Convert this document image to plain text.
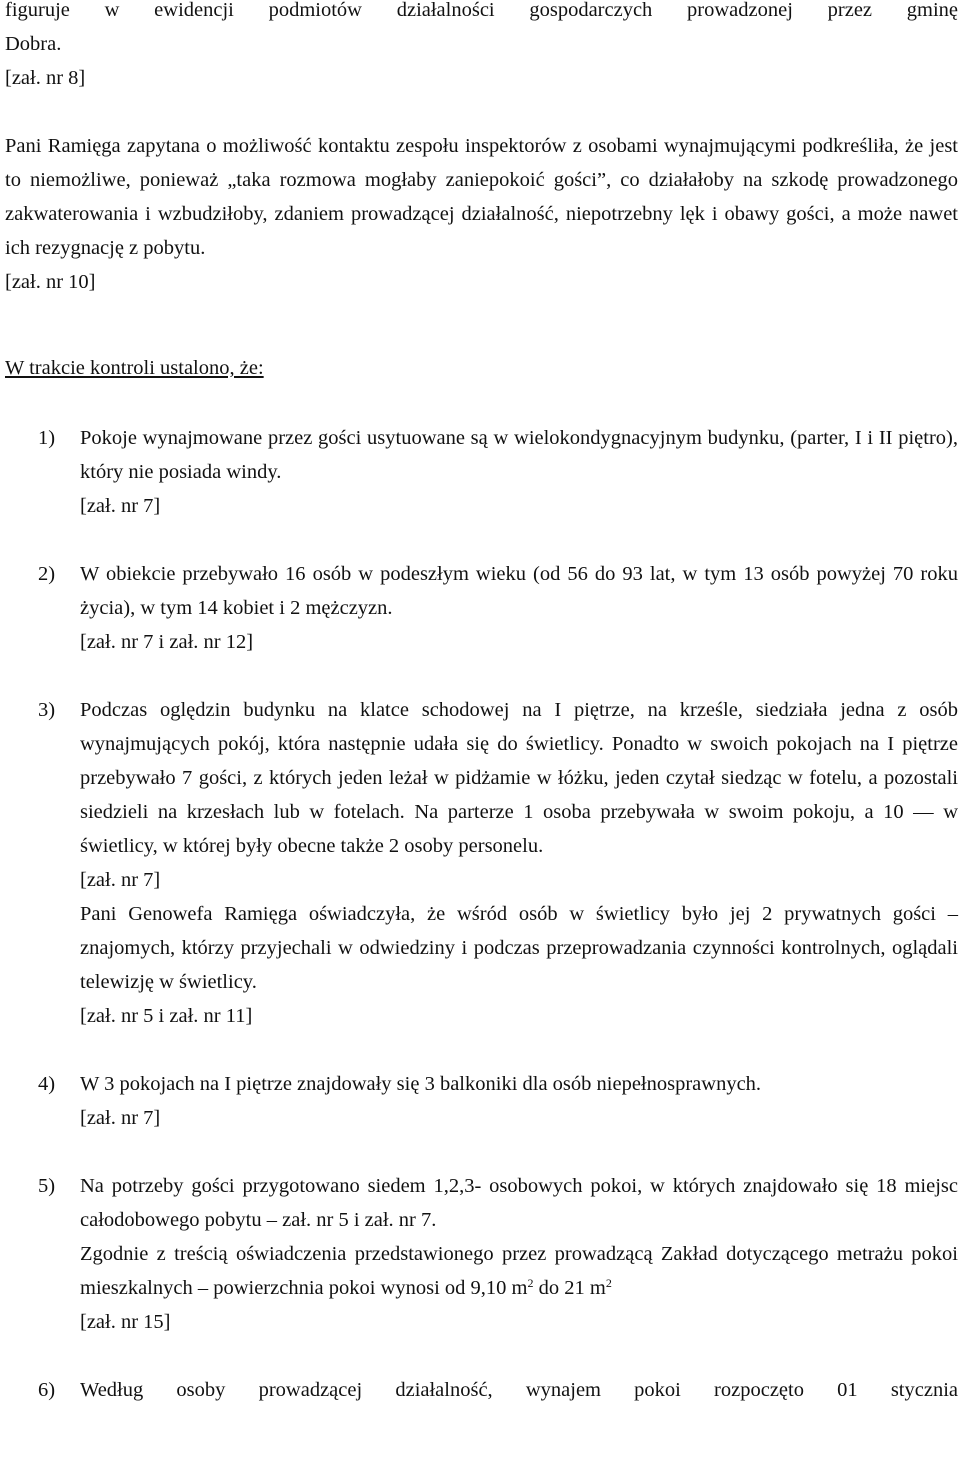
figuruje w ewidencji podmiotów działalności gospodarczych prowadzonej przez gminę

Dobra.

[zał. nr 8]

Pani Ramięga zapytana o możliwość kontaktu zespołu inspektorów z osobami wynajmującymi podkreśliła, że jest to niemożliwe, ponieważ „taka rozmowa mogłaby zaniepokoić gości”, co działałoby na szkodę prowadzonego zakwaterowania i wzbudziłoby, zdaniem prowadzącej działalność, niepotrzebny lęk i obawy gości, a może nawet ich rezygnację z pobytu.

[zał. nr 10]

W trakcie kontroli ustalono, że:

1) Pokoje wynajmowane przez gości usytuowane są w wielokondygnacyjnym budynku, (parter, I i II piętro), który nie posiada windy.

[zał. nr 7]

2) W obiekcie przebywało 16 osób w podeszłym wieku (od 56 do 93 lat, w tym 13 osób powyżej 70 roku życia), w tym 14 kobiet i 2 mężczyzn.

[zał. nr 7 i zał. nr 12]

3) Podczas oględzin budynku na klatce schodowej na I piętrze, na krześle, siedziała jedna z osób wynajmujących pokój, która następnie udała się do świetlicy. Ponadto w swoich pokojach na I piętrze przebywało 7 gości, z których jeden leżał w pidżamie w łóżku, jeden czytał siedząc w fotelu, a pozostali siedzieli na krzesłach lub w fotelach. Na parterze 1 osoba przebywała w swoim pokoju, a 10 — w świetlicy, w której były obecne także 2 osoby personelu.

[zał. nr 7]

Pani Genowefa Ramięga oświadczyła, że wśród osób w świetlicy było jej 2 prywatnych gości – znajomych, którzy przyjechali w odwiedziny i podczas przeprowadzania czynności kontrolnych, oglądali telewizję w świetlicy.

[zał. nr 5 i zał. nr 11]

4) W 3 pokojach na I piętrze znajdowały się 3 balkoniki dla osób niepełnosprawnych.

[zał. nr 7]

5) Na potrzeby gości przygotowano siedem 1,2,3- osobowych pokoi, w których znajdowało się 18 miejsc całodobowego pobytu – zał. nr 5 i zał. nr 7.

Zgodnie z treścią oświadczenia przedstawionego przez prowadzącą Zakład dotyczącego metrażu pokoi mieszkalnych – powierzchnia pokoi wynosi od 9,10 $m^2$ do 21 $m^2$

[zał. nr 15]

6) Według osoby prowadzącej działalność, wynajem pokoi rozpoczęto 01 stycznia
